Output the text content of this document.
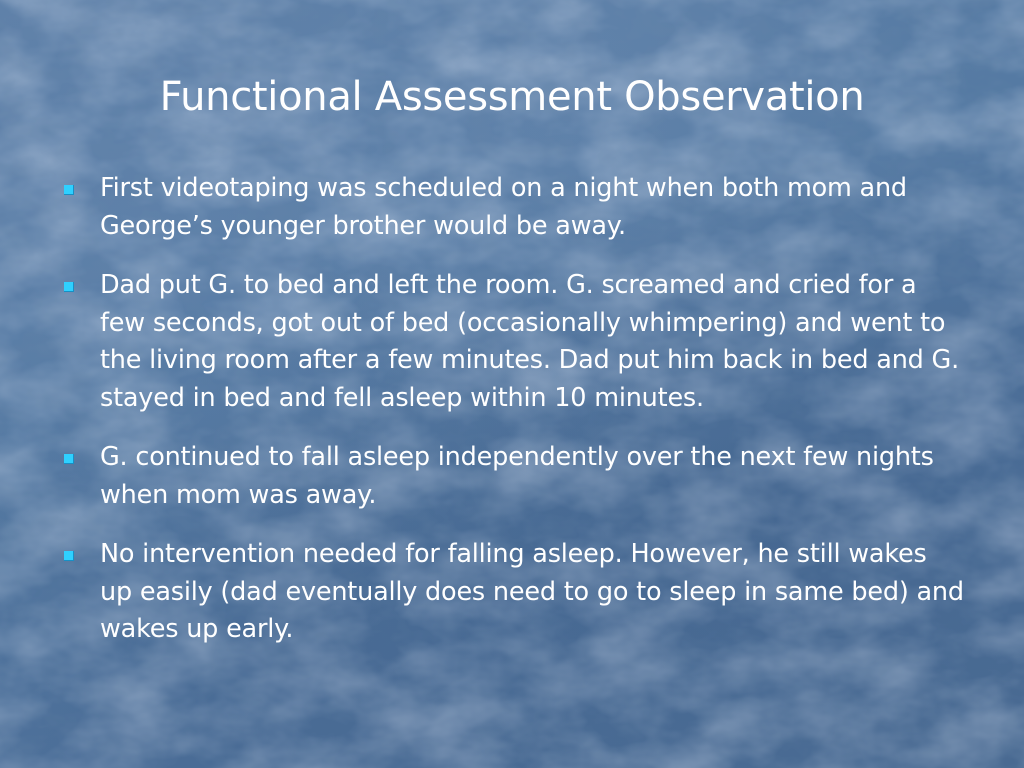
Functional Assessment Observation
First videotaping was scheduled on a night when both mom and George’s younger brother would be away.
Dad put G. to bed and left the room. G. screamed and cried for a few seconds, got out of bed (occasionally whimpering) and went to the living room after a few minutes. Dad put him back in bed and G. stayed in bed and fell asleep within 10 minutes.
G. continued to fall asleep independently over the next few nights when mom was away.
No intervention needed for falling asleep. However, he still wakes up easily (dad eventually does need to go to sleep in same bed) and wakes up early.
